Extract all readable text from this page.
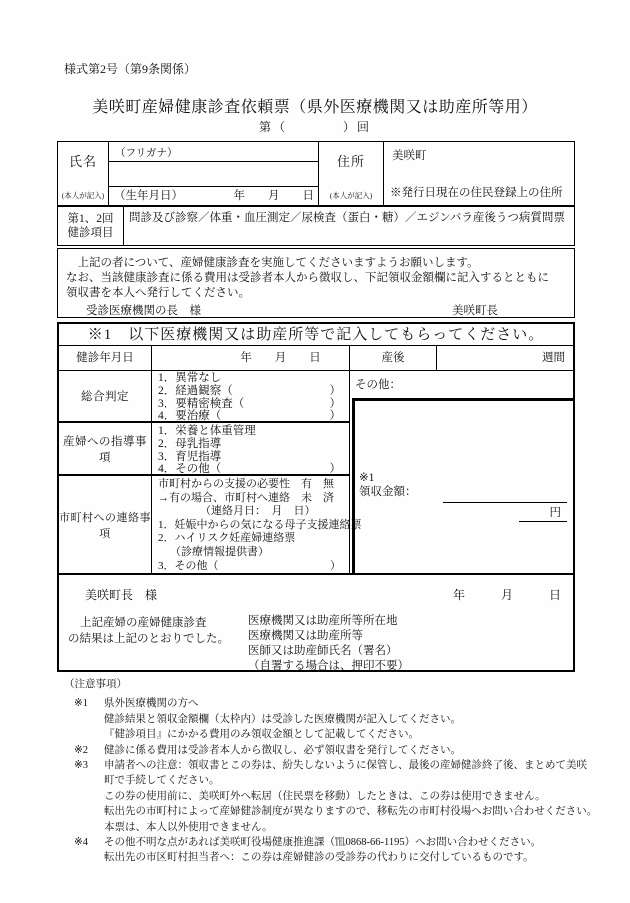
様式第2号（第9条関係）
美咲町産婦健康診査依頼票（県外医療機関又は助産所等用）
第（　　　　）回
氏名
(本人が記入)
（フリガナ）
（生年月日）	年　　月　　日
住所
(本人が記入)
美咲町
※発行日現在の住民登録上の住所
第1、2回
健診項目
問診及び診察／体重・血圧測定／尿検査（蛋白・糖）／エジンバラ産後うつ病質問票
上記の者について、産婦健康診査を実施してくださいますようお願いします。
なお、当該健康診査に係る費用は受診者本人から徴収し、下記領収金額欄に記入するとともに
領収書を本人へ発行してください。
受診医療機関の長　様	美咲町長
※1　以下医療機関又は助産所等で記入してもらってください。
健診年月日	年　　月　　日	産後	週間
総合判定
1．異常なし
2．経過観察（	）
3．要精密検査（	）
4．要治療（	）
産婦への指導事項
1．栄養と体重管理
2．母乳指導
3．育児指導
4．その他（	）
市町村への連絡事項
市町村からの支援の必要性　有　無
→有の場合、市町村へ連絡　未　済
（連絡月日：　月　日）
1．妊娠中からの気になる母子支援連絡票
2．ハイリスク妊産婦連絡票
（診療情報提供書）
3．その他（	）
その他：
※1
領収金額：
円
美咲町長　様	年　　　月　　　日
上記産婦の産婦健康診査
の結果は上記のとおりでした。
医療機関又は助産所等所在地
医療機関又は助産所等
医師又は助産師氏名（署名）
（自署する場合は、押印不要）
（注意事項）
※1	県外医療機関の方へ
健診結果と領収金額欄（太枠内）は受診した医療機関が記入してください。
『健診項目』にかかる費用のみ領収金額として記載してください。
※2	健診に係る費用は受診者本人から徴収し、必ず領収書を発行してください。
※3	申請者への注意：領収書とこの券は、紛失しないように保管し、最後の産婦健診終了後、まとめて美咲
町で手続してください。
この券の使用前に、美咲町外へ転居（住民票を移動）したときは、この券は使用できません。
転出先の市町村によって産婦健診制度が異なりますので、移転先の市町村役場へお問い合わせください。
本票は、本人以外使用できません。
※4	その他不明な点があれば美咲町役場健康推進課（℡0868-66-1195）へお問い合わせください。
転出先の市区町村担当者へ：この券は産婦健診の受診券の代わりに交付しているものです。
